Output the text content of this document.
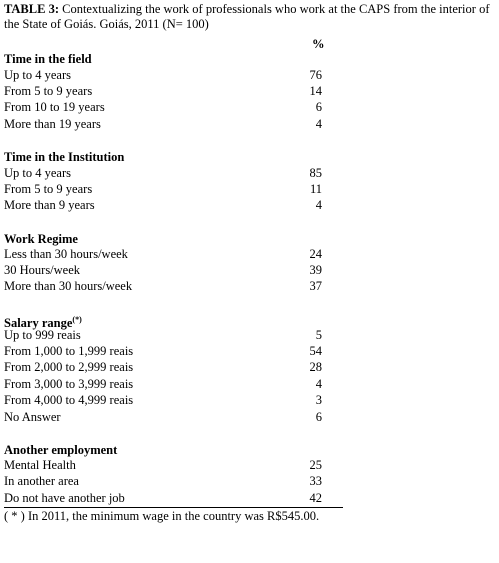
TABLE 3: Contextualizing the work of professionals who work at the CAPS from the interior of the State of Goiás. Goiás, 2011 (N= 100)
%
Time in the field
Up to 4 years	76
From 5 to 9 years	14
From 10 to 19 years	6
More than 19 years	4
Time in the Institution
Up to 4 years	85
From 5 to 9 years	11
More than 9 years	4
Work Regime
Less than 30 hours/week	24
30 Hours/week	39
More than 30 hours/week	37
Salary range(*)
Up to 999 reais	5
From 1,000 to 1,999 reais	54
From 2,000 to 2,999 reais	28
From 3,000 to 3,999 reais	4
From 4,000 to 4,999 reais	3
No Answer	6
Another employment
Mental Health	25
In another area	33
Do not have another job	42
( * ) In 2011, the minimum wage in the country was R$545.00.
